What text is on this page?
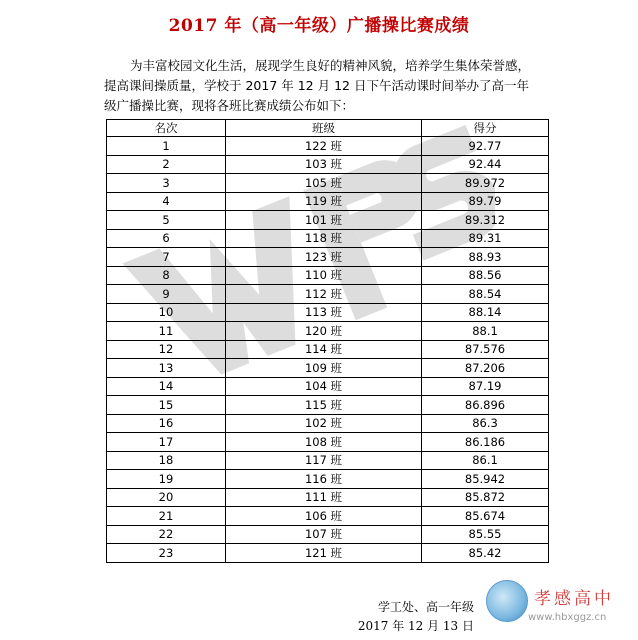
2017 年（高一年级）广播操比赛成绩
为丰富校园文化生活，展现学生良好的精神风貌，培养学生集体荣誉感，提高课间操质量，学校于 2017 年 12 月 12 日下午活动课时间举办了高一年级广播操比赛，现将各班比赛成绩公布如下：
名次	班级	得分
1	122 班	92.77
2	103 班	92.44
3	105 班	89.972
4	119 班	89.79
5	101 班	89.312
6	118 班	89.31
7	123 班	88.93
8	110 班	88.56
9	112 班	88.54
10	113 班	88.14
11	120 班	88.1
12	114 班	87.576
13	109 班	87.206
14	104 班	87.19
15	115 班	86.896
16	102 班	86.3
17	108 班	86.186
18	117 班	86.1
19	116 班	85.942
20	111 班	85.872
21	106 班	85.674
22	107 班	85.55
23	121 班	85.42
学工处、高一年级
2017 年 12 月 13 日
孝感高中
www.hbxggz.cn
